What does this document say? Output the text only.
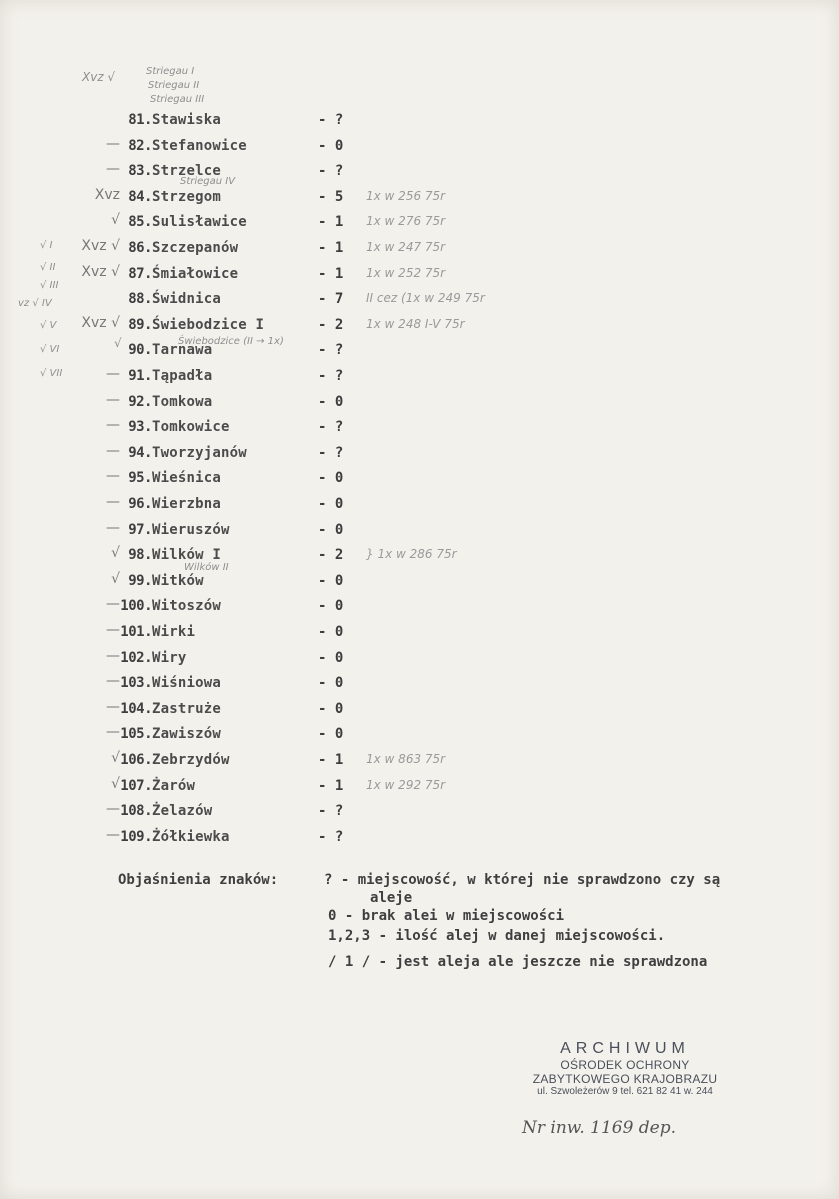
81. Stawiska	- ?
— 82. Stefanowice	- 0
— 83. Strzelce	- ?
Xvz 84. Strzegom	- 5 1x w 256 75r
√ 85. Sulisławice	- 1 1x w 276 75r
Xvz √ 86. Szczepanów	- 1 1x w 247 75r
Xvz √ 87. Śmiałowice	- 1 1x w 252 75r
88. Świdnica	- 7 II cez (1x w 249 75r
Xvz √ 89. Świebodzice I	- 2 1x w 248 I-V 75r
90. Tarnawa	- ?
— 91. Tąpadła	- ?
— 92. Tomkowa	- 0
— 93. Tomkowice	- ?
— 94. Tworzyjanów	- ?
— 95. Wieśnica	- 0
— 96. Wierzbna	- 0
— 97. Wieruszów	- 0
√ 98. Wilków I	- 2 } 1x w 286 75r
√ 99. Witków	- 0
— 100. Witoszów	- 0
— 101. Wirki	- 0
— 102. Wiry	- 0
— 103. Wiśniowa	- 0
— 104. Zastruże	- 0
— 105. Zawiszów	- 0
√ 106. Zebrzydów	- 1 1x w 863 75r
√ 107. Żarów	- 1 1x w 292 75r
— 108. Żelazów	- ?
— 109. Żółkiewka	- ?
Xvz √	Striegau I
Striegau II
Striegau III
Striegau IV
√ I
√ II
√ III
vz √ IV
√ V
√ VI
√ VII
Świebodzice (II → 1x)
√
Wilków II
Objaśnienia znaków:	? - miejscowość, w której nie sprawdzono czy są
aleje
0 - brak alei w miejscowości
1,2,3 - ilość alej w danej miejscowości.
/ 1 / - jest aleja ale jeszcze nie sprawdzona
ARCHIWUM
OŚRODEK OCHRONY
ZABYTKOWEGO KRAJOBRAZU
ul. Szwoleżerów 9 tel. 621 82 41 w. 244
Nr inw. 1169 dep.
